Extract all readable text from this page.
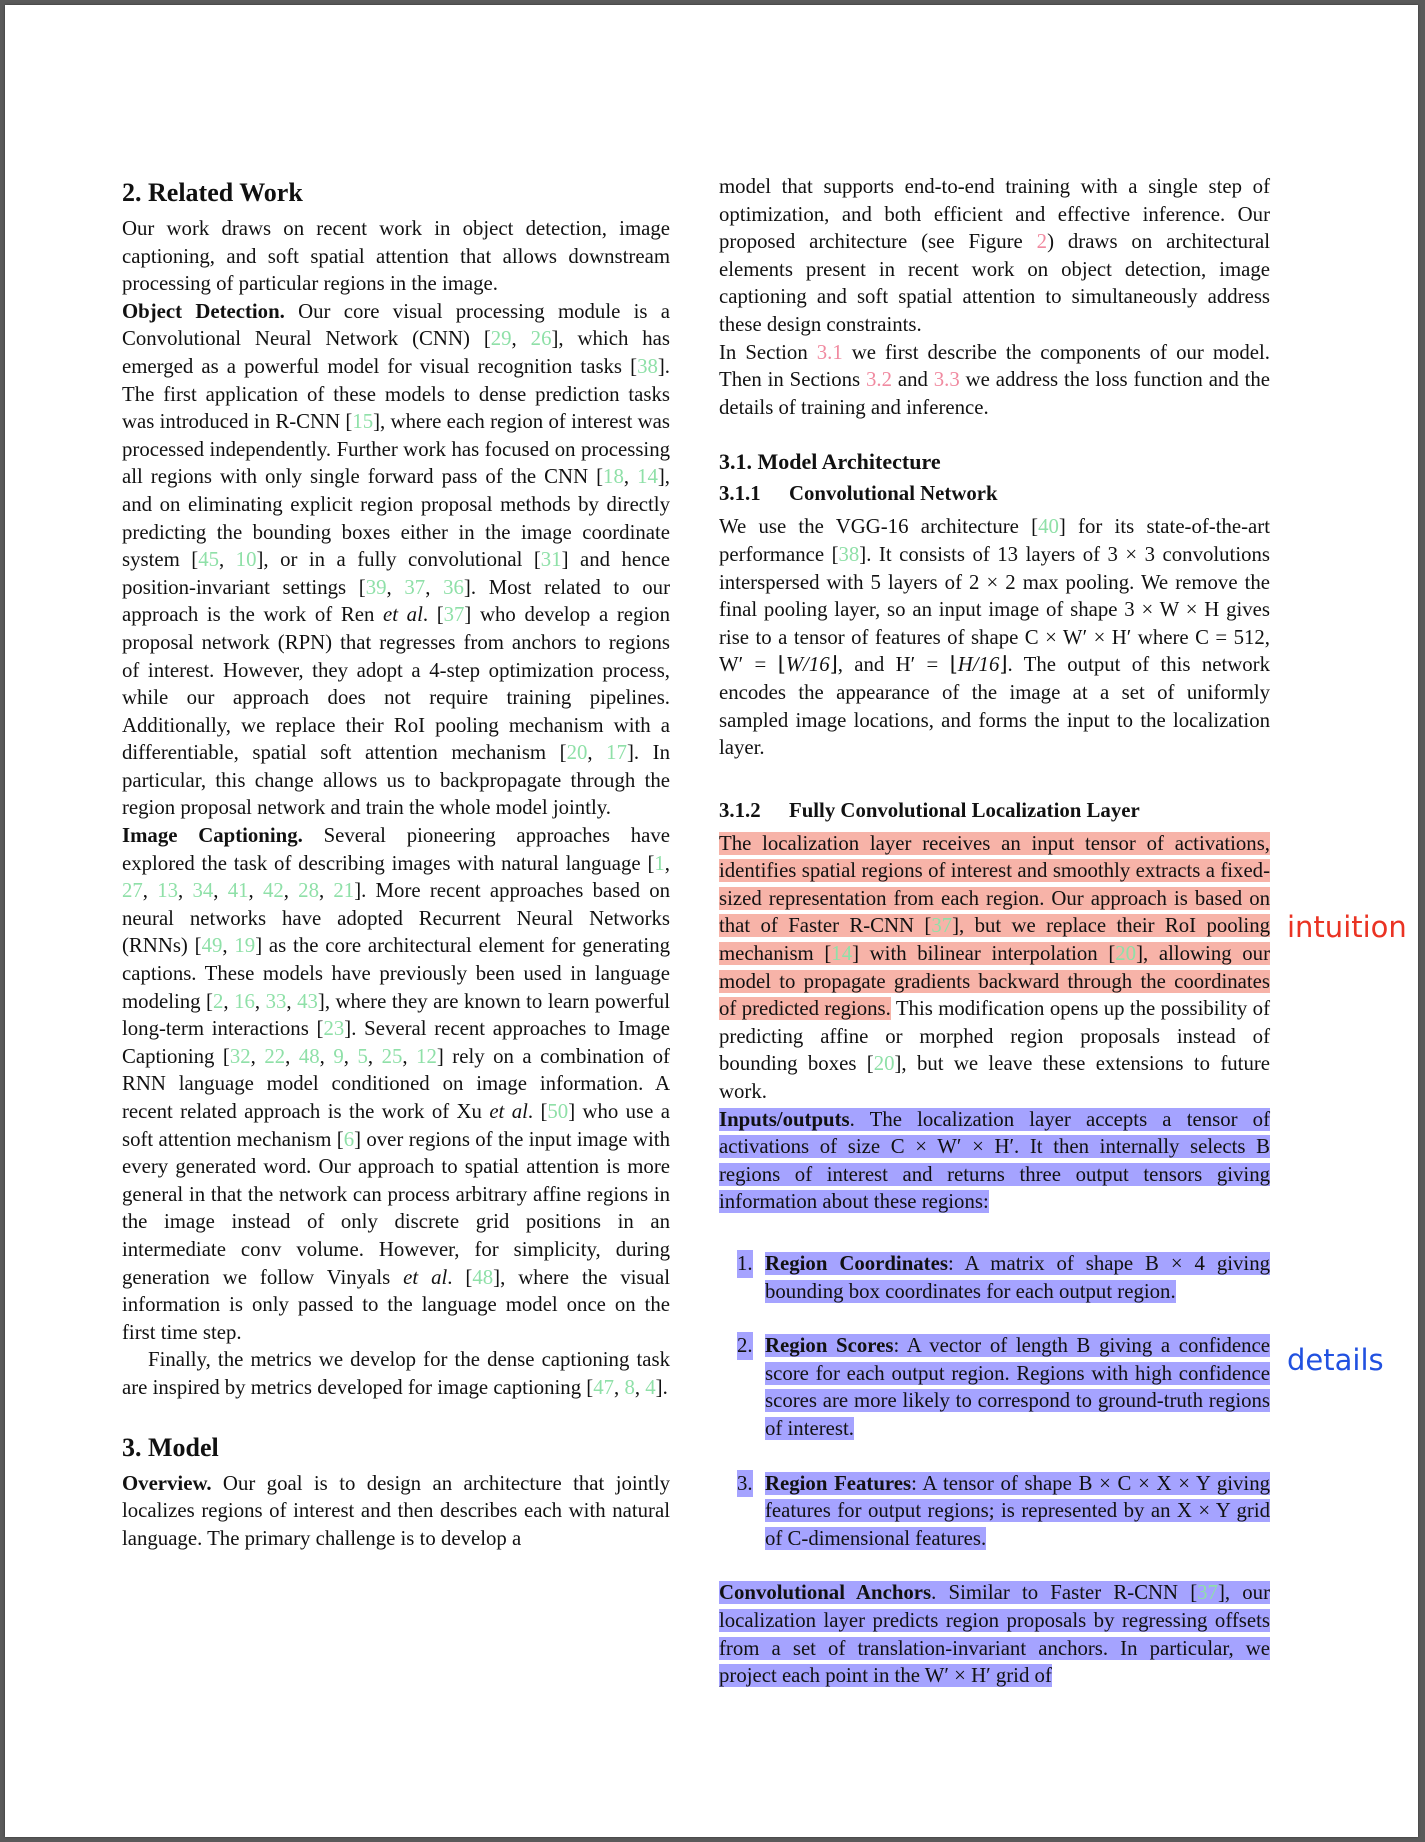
2. Related Work

Our work draws on recent work in object detection, image captioning, and soft spatial attention that allows downstream processing of particular regions in the image.

Object Detection. Our core visual processing module is a Convolutional Neural Network (CNN) [29, 26], which has emerged as a powerful model for visual recognition tasks [38]. The first application of these models to dense prediction tasks was introduced in R-CNN [15], where each region of interest was processed independently. Further work has focused on processing all regions with only single forward pass of the CNN [18, 14], and on eliminating explicit region proposal methods by directly predicting the bounding boxes either in the image coordinate system [45, 10], or in a fully convolutional [31] and hence position-invariant settings [39, 37, 36]. Most related to our approach is the work of Ren et al. [37] who develop a region proposal network (RPN) that regresses from anchors to regions of interest. However, they adopt a 4-step optimization process, while our approach does not require training pipelines. Additionally, we replace their RoI pooling mechanism with a differentiable, spatial soft attention mechanism [20, 17]. In particular, this change allows us to backpropagate through the region proposal network and train the whole model jointly.

Image Captioning. Several pioneering approaches have explored the task of describing images with natural language [1, 27, 13, 34, 41, 42, 28, 21]. More recent approaches based on neural networks have adopted Recurrent Neural Networks (RNNs) [49, 19] as the core architectural element for generating captions. These models have previously been used in language modeling [2, 16, 33, 43], where they are known to learn powerful long-term interactions [23]. Several recent approaches to Image Captioning [32, 22, 48, 9, 5, 25, 12] rely on a combination of RNN language model conditioned on image information. A recent related approach is the work of Xu et al. [50] who use a soft attention mechanism [6] over regions of the input image with every generated word. Our approach to spatial attention is more general in that the network can process arbitrary affine regions in the image instead of only discrete grid positions in an intermediate conv volume. However, for simplicity, during generation we follow Vinyals et al. [48], where the visual information is only passed to the language model once on the first time step.

Finally, the metrics we develop for the dense captioning task are inspired by metrics developed for image captioning [47, 8, 4].

3. Model

Overview. Our goal is to design an architecture that jointly localizes regions of interest and then describes each with natural language. The primary challenge is to develop a

model that supports end-to-end training with a single step of optimization, and both efficient and effective inference. Our proposed architecture (see Figure 2) draws on architectural elements present in recent work on object detection, image captioning and soft spatial attention to simultaneously address these design constraints.

In Section 3.1 we first describe the components of our model. Then in Sections 3.2 and 3.3 we address the loss function and the details of training and inference.

3.1. Model Architecture
3.1.1 Convolutional Network

We use the VGG-16 architecture [40] for its state-of-the-art performance [38]. It consists of 13 layers of 3 × 3 convolutions interspersed with 5 layers of 2 × 2 max pooling. We remove the final pooling layer, so an input image of shape 3 × W × H gives rise to a tensor of features of shape C × W′ × H′ where C = 512, W′ = ⌊W/16⌋, and H′ = ⌊H/16⌋. The output of this network encodes the appearance of the image at a set of uniformly sampled image locations, and forms the input to the localization layer.

3.1.2 Fully Convolutional Localization Layer

The localization layer receives an input tensor of activations, identifies spatial regions of interest and smoothly extracts a fixed-sized representation from each region. Our approach is based on that of Faster R-CNN [37], but we replace their RoI pooling mechanism [14] with bilinear interpolation [20], allowing our model to propagate gradients backward through the coordinates of predicted regions. This modification opens up the possibility of predicting affine or morphed region proposals instead of bounding boxes [20], but we leave these extensions to future work.

Inputs/outputs. The localization layer accepts a tensor of activations of size C × W′ × H′. It then internally selects B regions of interest and returns three output tensors giving information about these regions:

1. Region Coordinates: A matrix of shape B × 4 giving bounding box coordinates for each output region.
2. Region Scores: A vector of length B giving a confidence score for each output region. Regions with high confidence scores are more likely to correspond to ground-truth regions of interest.
3. Region Features: A tensor of shape B × C × X × Y giving features for output regions; is represented by an X × Y grid of C-dimensional features.

Convolutional Anchors. Similar to Faster R-CNN [37], our localization layer predicts region proposals by regressing offsets from a set of translation-invariant anchors. In particular, we project each point in the W′ × H′ grid of

intuition
details
